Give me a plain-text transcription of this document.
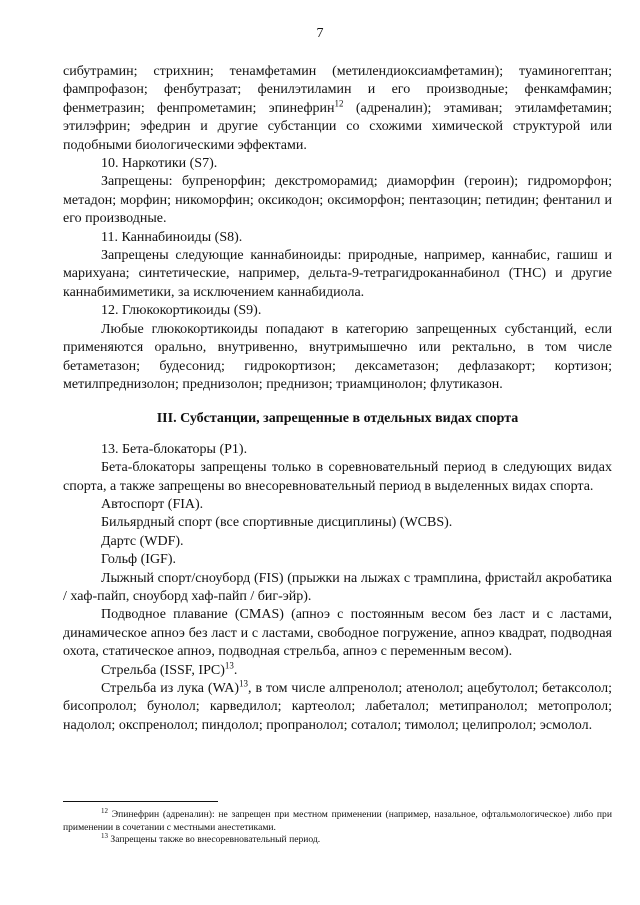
7

сибутрамин; стрихнин; тенамфетамин (метилендиоксиамфетамин); туаминогептан; фампрофазон; фенбутразат; фенилэтиламин и его производные; фенкамфамин; фенметразин; фенпрометамин; эпинефрин$^{12}$ (адреналин); этамиван; этиламфетамин; этилэфрин; эфедрин и другие субстанции со схожими химической структурой или подобными биологическими эффектами.

10. Наркотики (S7).

Запрещены: бупренорфин; декстроморамид; диаморфин (героин); гидроморфон; метадон; морфин; никоморфин; оксикодон; оксиморфон; пентазоцин; петидин; фентанил и его производные.

11. Каннабиноиды (S8).

Запрещены следующие каннабиноиды: природные, например, каннабис, гашиш и марихуана; синтетические, например, дельта-9-тетрагидроканнабинол (THC) и другие каннабимиметики, за исключением каннабидиола.

12. Глюкокортикоиды (S9).

Любые глюкокортикоиды попадают в категорию запрещенных субстанций, если применяются орально, внутривенно, внутримышечно или ректально, в том числе бетаметазон; будесонид; гидрокортизон; дексаметазон; дефлазакорт; кортизон; метилпреднизолон; преднизолон; преднизон; триамцинолон; флутиказон.

III. Субстанции, запрещенные в отдельных видах спорта

13. Бета-блокаторы (P1).

Бета-блокаторы запрещены только в соревновательный период в следующих видах спорта, а также запрещены во внесоревновательный период в выделенных видах спорта.

Автоспорт (FIA).

Бильярдный спорт (все спортивные дисциплины) (WCBS).

Дартс (WDF).

Гольф (IGF).

Лыжный спорт/сноуборд (FIS) (прыжки на лыжах с трамплина, фристайл акробатика / хаф-пайп, сноуборд хаф-пайп / биг-эйр).

Подводное плавание (CMAS) (апноэ с постоянным весом без ласт и с ластами, динамическое апноэ без ласт и с ластами, свободное погружение, апноэ квадрат, подводная охота, статическое апноэ, подводная стрельба, апноэ с переменным весом).

Стрельба (ISSF, IPC)$^{13}$.

Стрельба из лука (WA)$^{13}$, в том числе алпренолол; атенолол; ацебутолол; бетаксолол; бисопролол; бунолол; карведилол; картеолол; лабеталол; метипранолол; метопролол; надолол; окспренолол; пиндолол; пропранолол; соталол; тимолол; целипролол; эсмолол.

$^{12}$ Эпинефрин (адреналин): не запрещен при местном применении (например, назальное, офтальмологическое) либо при применении в сочетании с местными анестетиками.

$^{13}$ Запрещены также во внесоревновательный период.
